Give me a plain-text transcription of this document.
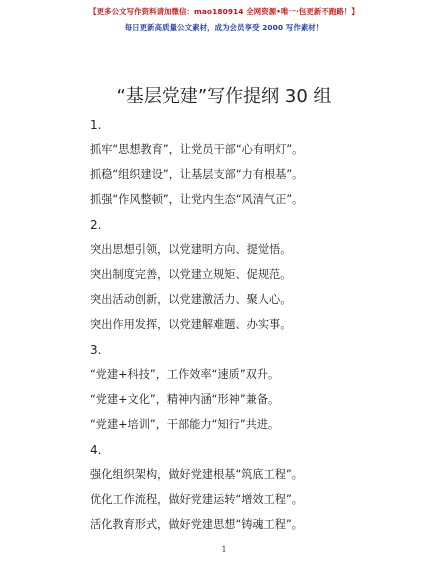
【更多公文写作资料请加微信：mao180914 全网资源•唯一·包更新不跑路！】
每日更新高质量公文素材，成为会员享受 2000 写作素材！
“基层党建”写作提纲 30 组
1.
抓牢“思想教育”，让党员干部“心有明灯”。
抓稳“组织建设”，让基层支部“力有根基”。
抓强“作风整顿”，让党内生态“风清气正”。
2.
突出思想引领，以党建明方向、提觉悟。
突出制度完善，以党建立规矩、促规范。
突出活动创新，以党建激活力、聚人心。
突出作用发挥，以党建解难题、办实事。
3.
“党建+科技”，工作效率“速质”双升。
“党建+文化”，精神内涵“形神”兼备。
“党建+培训”，干部能力“知行”共进。
4.
强化组织架构，做好党建根基“筑底工程”。
优化工作流程，做好党建运转“增效工程”。
活化教育形式，做好党建思想“铸魂工程”。
1
